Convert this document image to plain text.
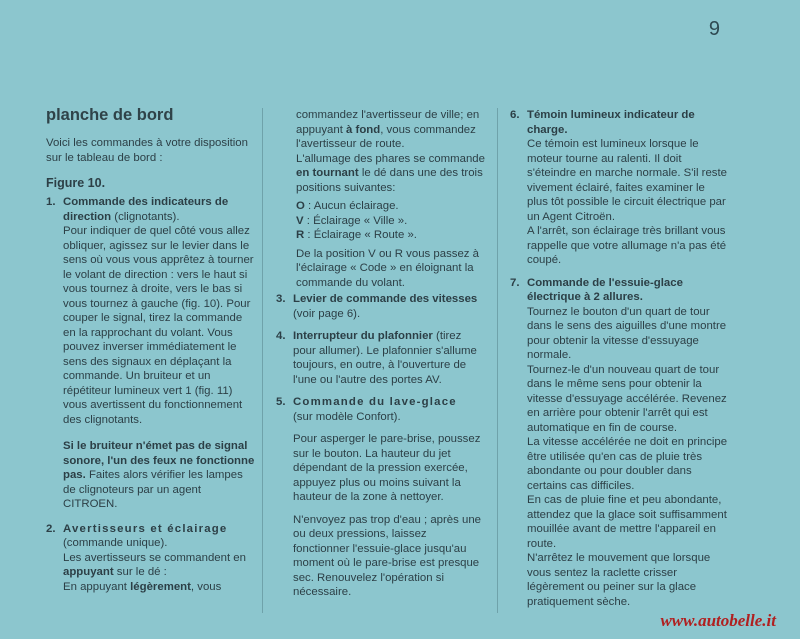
9
planche de bord

Voici les commandes à votre disposition sur le tableau de bord :

Figure 10.
1. Commande des indicateurs de direction (clignotants).

Pour indiquer de quel côté vous allez obliquer, agissez sur le levier dans le sens où vous vous apprêtez à tourner le volant de direction : vers le haut si vous tournez à droite, vers le bas si vous tournez à gauche (fig. 10). Pour couper le signal, tirez la commande en la rapprochant du volant. Vous pouvez inverser immédiatement le sens des signaux en déplaçant la commande. Un bruiteur et un répétiteur lumineux vert 1 (fig. 11) vous avertissent du fonctionnement des clignotants.

Si le bruiteur n'émet pas de signal sonore, l'un des feux ne fonctionne pas. Faites alors vérifier les lampes de clignoteurs par un agent CITROEN.
2. Avertisseurs et éclairage

(commande unique).

Les avertisseurs se commandent en appuyant sur le dé :

En appuyant légèrement, vous

commandez l'avertisseur de ville; en appuyant à fond, vous commandez l'avertisseur de route.

L'allumage des phares se commande en tournant le dé dans une des trois positions suivantes:

O : Aucun éclairage.

V : Éclairage « Ville ».

R : Éclairage « Route ».

De la position V ou R vous passez à l'éclairage « Code » en éloignant la commande du volant.

3. Levier de commande des vitesses (voir page 6).
4. Interrupteur du plafonnier (tirez pour allumer). Le plafonnier s'allume toujours, en outre, à l'ouverture de l'une ou l'autre des portes AV.
5. Commande du lave-glace

(sur modèle Confort).

Pour asperger le pare-brise, poussez sur le bouton. La hauteur du jet dépendant de la pression exercée, appuyez plus ou moins suivant la hauteur de la zone à nettoyer.

N'envoyez pas trop d'eau ; après une ou deux pressions, laissez fonctionner l'essuie-glace jusqu'au moment où le pare-brise est presque sec. Renouvelez l'opération si nécessaire.

6. Témoin lumineux indicateur de charge.

Ce témoin est lumineux lorsque le moteur tourne au ralenti. Il doit s'éteindre en marche normale. S'il reste vivement éclairé, faites examiner le plus tôt possible le circuit électrique par un Agent Citroën.

A l'arrêt, son éclairage très brillant vous rappelle que votre allumage n'a pas été coupé.

7. Commande de l'essuie-glace électrique à 2 allures.

Tournez le bouton d'un quart de tour dans le sens des aiguilles d'une montre pour obtenir la vitesse d'essuyage normale.

Tournez-le d'un nouveau quart de tour dans le même sens pour obtenir la vitesse d'essuyage accélérée. Revenez en arrière pour obtenir l'arrêt qui est automatique en fin de course.

La vitesse accélérée ne doit en principe être utilisée qu'en cas de pluie très abondante ou pour doubler dans certains cas difficiles.

En cas de pluie fine et peu abondante, attendez que la glace soit suffisamment mouillée avant de mettre l'appareil en route.

N'arrêtez le mouvement que lorsque vous sentez la raclette crisser légèrement ou peiner sur la glace pratiquement sèche.

www.autobelle.it
